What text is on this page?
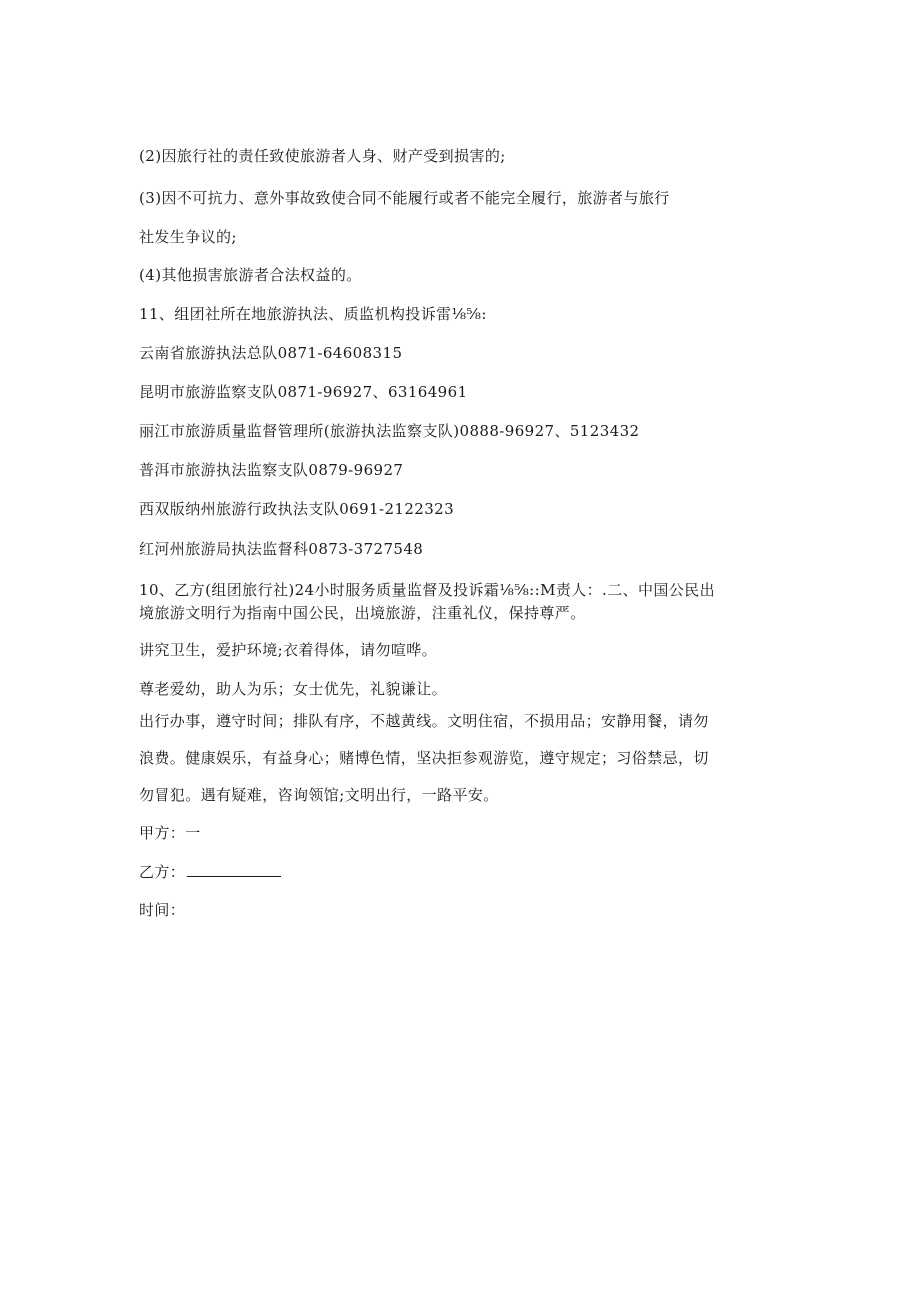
(2)因旅行社的责任致使旅游者人身、财产受到损害的;
(3)因不可抗力、意外事故致使合同不能履行或者不能完全履行，旅游者与旅行
社发生争议的;
(4)其他损害旅游者合法权益的。
11、组团社所在地旅游执法、质监机构投诉雷⅛⅝:
云南省旅游执法总队0871-64608315
昆明市旅游监察支队0871-96927、63164961
丽江市旅游质量监督管理所(旅游执法监察支队)0888-96927、5123432
普洱市旅游执法监察支队0879-96927
西双版纳州旅游行政执法支队0691-2122323
红河州旅游局执法监督科0873-3727548
10、乙方(组团旅行社)24小时服务质量监督及投诉霜⅛⅝::M责人：.二、中国公民出
境旅游文明行为指南中国公民，出境旅游，注重礼仪，保持尊严。
讲究卫生，爱护环境;衣着得体，请勿喧哗。
尊老爱幼，助人为乐；女士优先，礼貌谦让。
出行办事，遵守时间；排队有序，不越黄线。文明住宿，不损用品；安静用餐，请勿
浪费。健康娱乐，有益身心；赌博色情，坚决拒参观游览，遵守规定；习俗禁忌，切
勿冒犯。遇有疑难，咨询领馆;文明出行，一路平安。
甲方：一
乙方：
时间：
